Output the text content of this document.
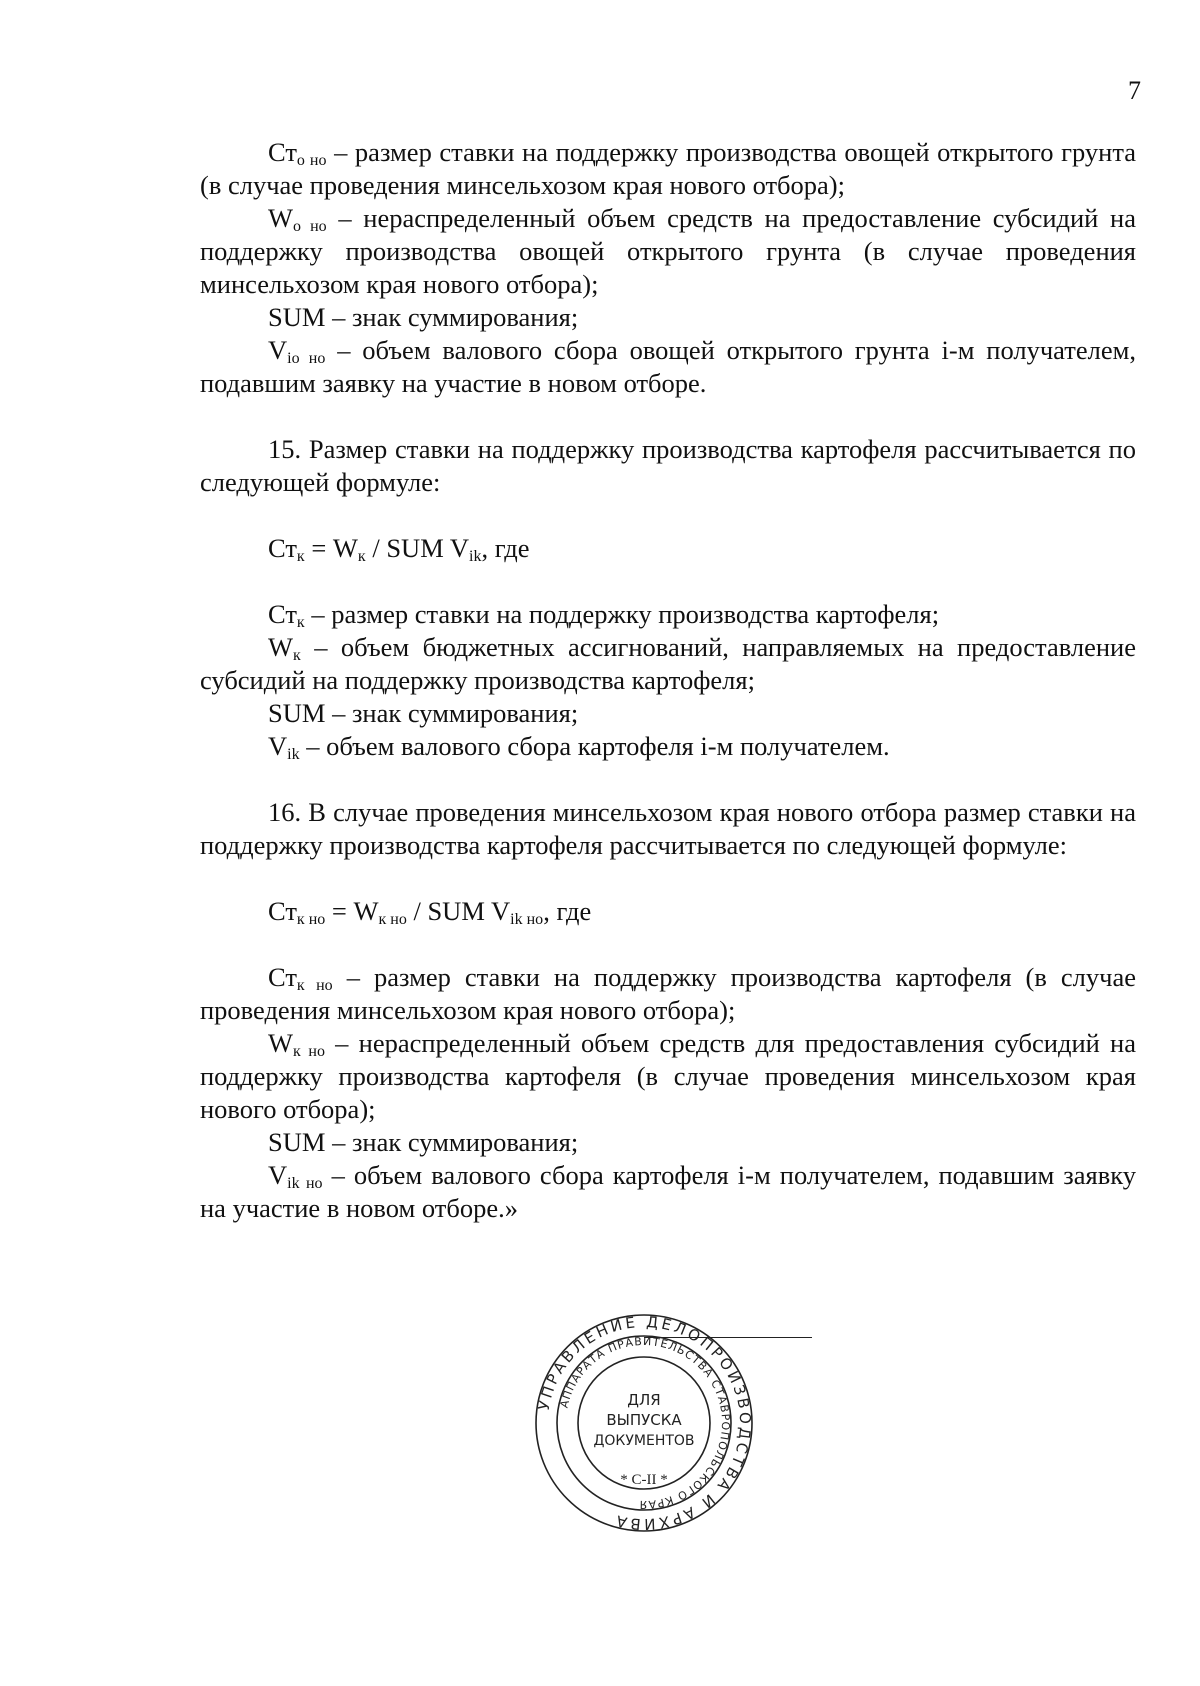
7

$Ст_{о но}$ – размер ставки на поддержку производства овощей открытого грунта (в случае проведения минсельхозом края нового отбора);

$W_{о но}$ – нераспределенный объем средств на предоставление субсидий на поддержку производства овощей открытого грунта (в случае проведения минсельхозом края нового отбора);

SUM – знак суммирования;

$V_{io но}$ – объем валового сбора овощей открытого грунта i-м получателем, подавшим заявку на участие в новом отборе.

15. Размер ставки на поддержку производства картофеля рассчитывается по следующей формуле:

$Ст_к = W_к$ / SUM $V_{ik}$, где

$Ст_к$ – размер ставки на поддержку производства картофеля;

$W_к$ – объем бюджетных ассигнований, направляемых на предоставление субсидий на поддержку производства картофеля;

SUM – знак суммирования;

$V_{ik}$ – объем валового сбора картофеля i-м получателем.

16. В случае проведения минсельхозом края нового отбора размер ставки на поддержку производства картофеля рассчитывается по следующей формуле:

$Ст_{к но} = W_{к но}$ / SUM $V_{ik но}$, где

$Ст_{к но}$ – размер ставки на поддержку производства картофеля (в случае проведения минсельхозом края нового отбора);

$W_{к но}$ – нераспределенный объем средств для предоставления субсидий на поддержку производства картофеля (в случае проведения минсельхозом края нового отбора);

SUM – знак суммирования;

$V_{ik но}$ – объем валового сбора картофеля i-м получателем, подавшим заявку на участие в новом отборе.»

УПРАВЛЕНИЕ ДЕЛОПРОИЗВОДСТВА И АРХИВА
АППАРАТА ПРАВИТЕЛЬСТВА СТАВРОПОЛЬСКОГО КРАЯ
ДЛЯ
ВЫПУСКА
ДОКУМЕНТОВ
* С-II *
